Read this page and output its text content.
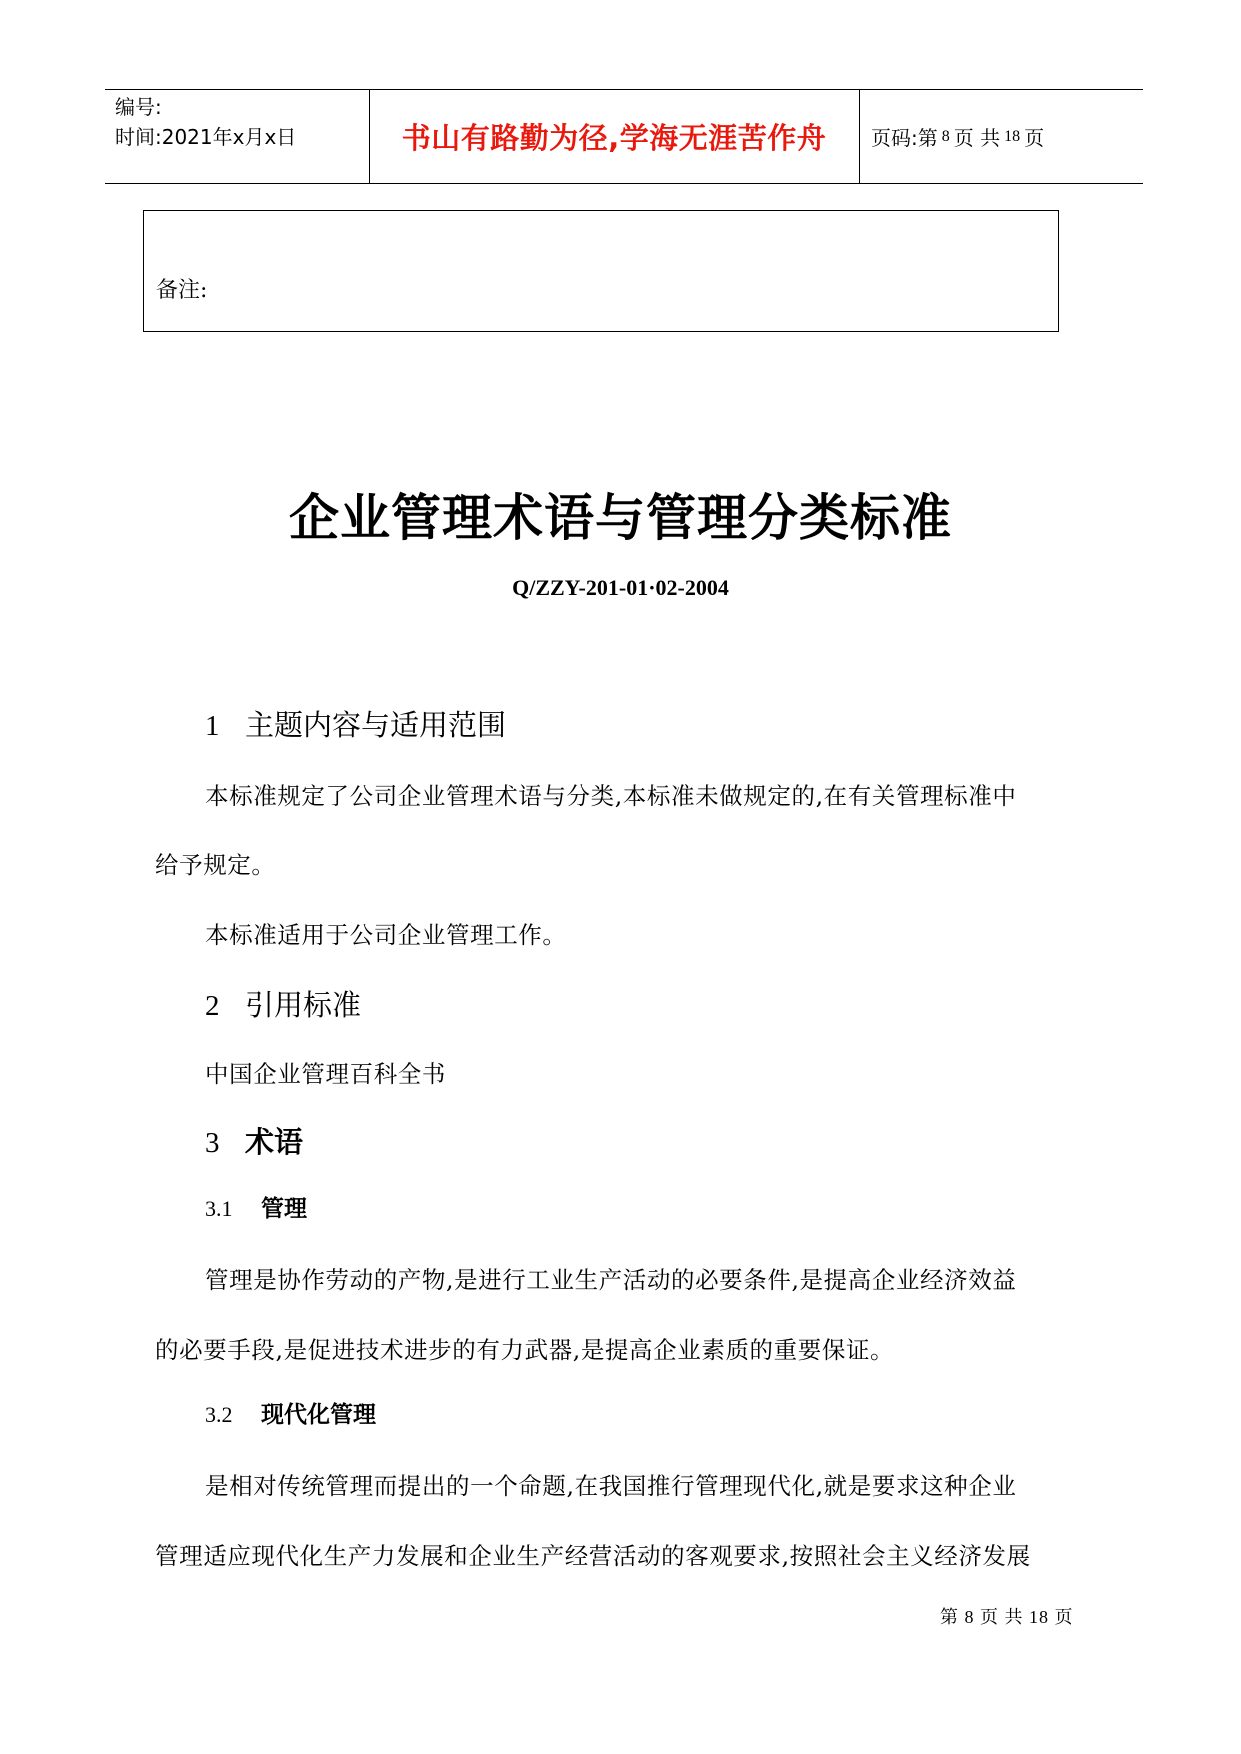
编号:
时间:2021年x月x日	书山有路勤为径,学海无涯苦作舟	页码:第 8 页 共 18 页
备注:
企业管理术语与管理分类标准
Q/ZZY-201-01·02-2004
1 主题内容与适用范围
本标准规定了公司企业管理术语与分类,本标准未做规定的,在有关管理标准中
给予规定。
本标准适用于公司企业管理工作。
2 引用标准
中国企业管理百科全书
3 术语
3.1 管理
管理是协作劳动的产物,是进行工业生产活动的必要条件,是提高企业经济效益
的必要手段,是促进技术进步的有力武器,是提高企业素质的重要保证。
3.2 现代化管理
是相对传统管理而提出的一个命题,在我国推行管理现代化,就是要求这种企业
管理适应现代化生产力发展和企业生产经营活动的客观要求,按照社会主义经济发展
第 8 页 共 18 页
